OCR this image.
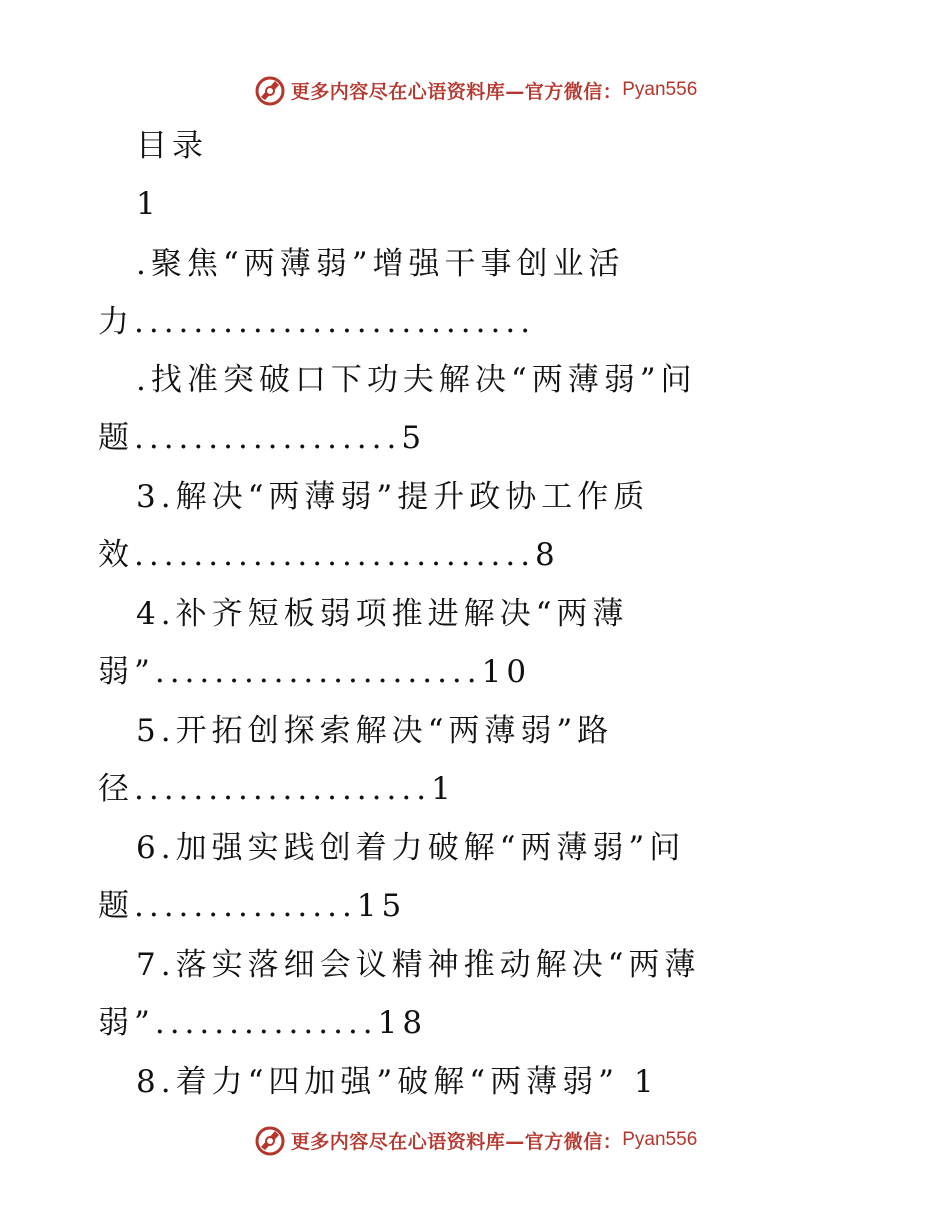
更多内容尽在心语资料库—官方微信： Pyan556
目录
1
.聚焦“两薄弱”增强干事创业活
力...........................
.找准突破口下功夫解决“两薄弱”问
题..................5
3.解决“两薄弱”提升政协工作质
效...........................8
4.补齐短板弱项推进解决“两薄
弱”......................10
5.开拓创探索解决“两薄弱”路
径....................1
6.加强实践创着力破解“两薄弱”问
题...............15
7.落实落细会议精神推动解决“两薄
弱”...............18
8.着力“四加强”破解“两薄弱” 1
更多内容尽在心语资料库—官方微信： Pyan556
